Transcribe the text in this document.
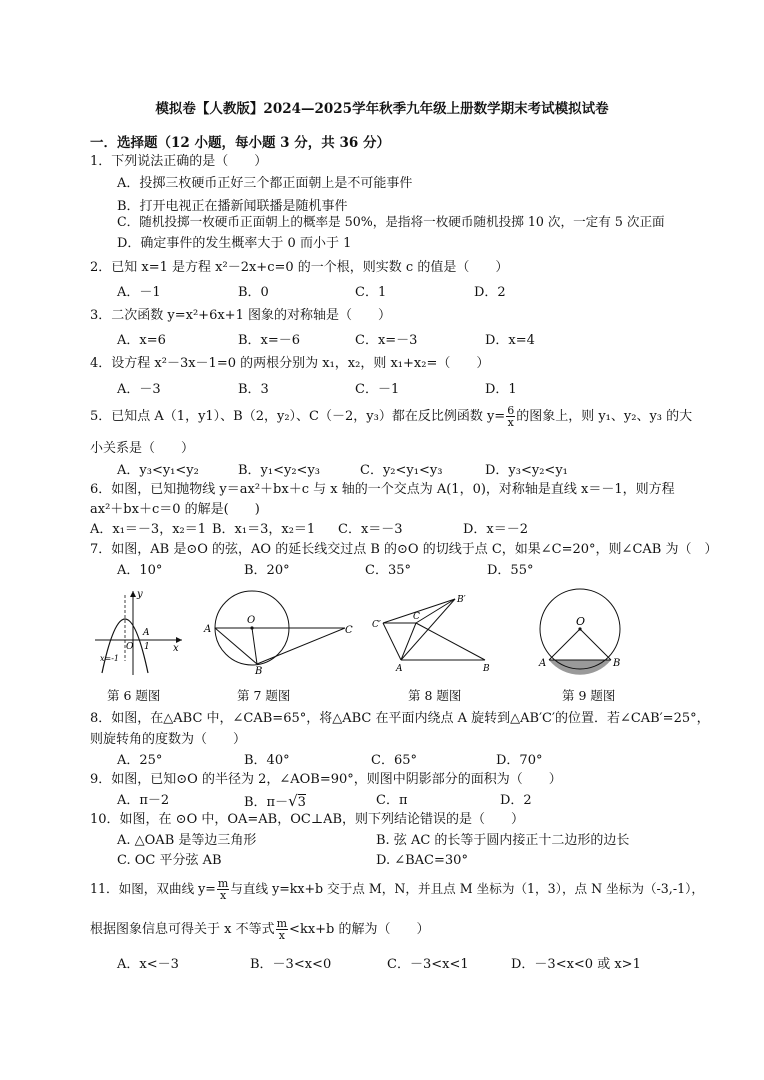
模拟卷【人教版】2024—2025学年秋季九年级上册数学期末考试模拟试卷
一．选择题（12 小题，每小题 3 分，共 36 分）
1．下列说法正确的是（　　）
A．投掷三枚硬币正好三个都正面朝上是不可能事件
B．打开电视正在播新闻联播是随机事件
C．随机投掷一枚硬币正面朝上的概率是 50%，是指将一枚硬币随机投掷 10 次，一定有 5 次正面
D．确定事件的发生概率大于 0 而小于 1
2．已知 x=1 是方程 x²－2x+c=0 的一个根，则实数 c 的值是（　　）
A．－1	B．0	C．1	D．2
3．二次函数 y=x²+6x+1 图象的对称轴是（　　）
A．x=6	B．x=－6	C．x=－3	D．x=4
4．设方程 x²－3x－1=0 的两根分别为 x₁，x₂，则 x₁+x₂=（　　）
A．－3	B．3	C．－1	D．1
5．已知点 A（1，y1）、B（2，y₂）、C（－2，y₃）都在反比例函数 $y= \frac{6}{x}$ 的图象上，则 y₁、y₂、y₃ 的大
小关系是（　　）
A．y₃<y₁<y₂	B．y₁<y₂<y₃	C．y₂<y₁<y₃	D．y₃<y₂<y₁
6．如图，已知抛物线 y＝ax²＋bx＋c 与 x 轴的一个交点为 A(1，0)，对称轴是直线 x＝－1，则方程
ax²＋bx＋c＝0 的解是(　　)
A．x₁＝－3，x₂＝1 B．x₁＝3，x₂＝1 C．x＝－3	D．x＝－2
7．如图，AB 是⊙O 的弦，AO 的延长线交过点 B 的⊙O 的切线于点 C，如果∠C=20°，则∠CAB 为（　）
A．10°	B．20°	C．35°	D．55°
y
x
A
O 1
x=-1
A
O
C
B
B′
C′
C
A	B
O
A	B
第 6 题图	第 7 题图	第 8 题图	第 9 题图
8．如图，在△ABC 中，∠CAB=65°，将△ABC 在平面内绕点 A 旋转到△AB′C′的位置．若∠CAB′=25°，
则旋转角的度数为（　　）
A．25°	B．40°	C．65°	D．70°
9．如图，已知⊙O 的半径为 2，∠AOB=90°，则图中阴影部分的面积为（　　）
A．π－2	B．π－√3	C．π	D．2
10．如图，在 ⊙O 中，OA=AB，OC⊥AB，则下列结论错误的是（　　）
A. △OAB 是等边三角形	B. 弦 AC 的长等于圆内接正十二边形的边长
C. OC 平分弦 AB	D. ∠BAC=30°
11．如图，双曲线 $y= \frac{m}{x}$ 与直线 y=kx+b 交于点 M，N，并且点 M 坐标为（1，3），点 N 坐标为（-3,-1），
根据图象信息可得关于 x 不等式 $\frac{m}{x} <kx+b$ 的解为（　　）
A．x<－3	B．－3<x<0	C．－3<x<1	D．－3<x<0 或 x>1
